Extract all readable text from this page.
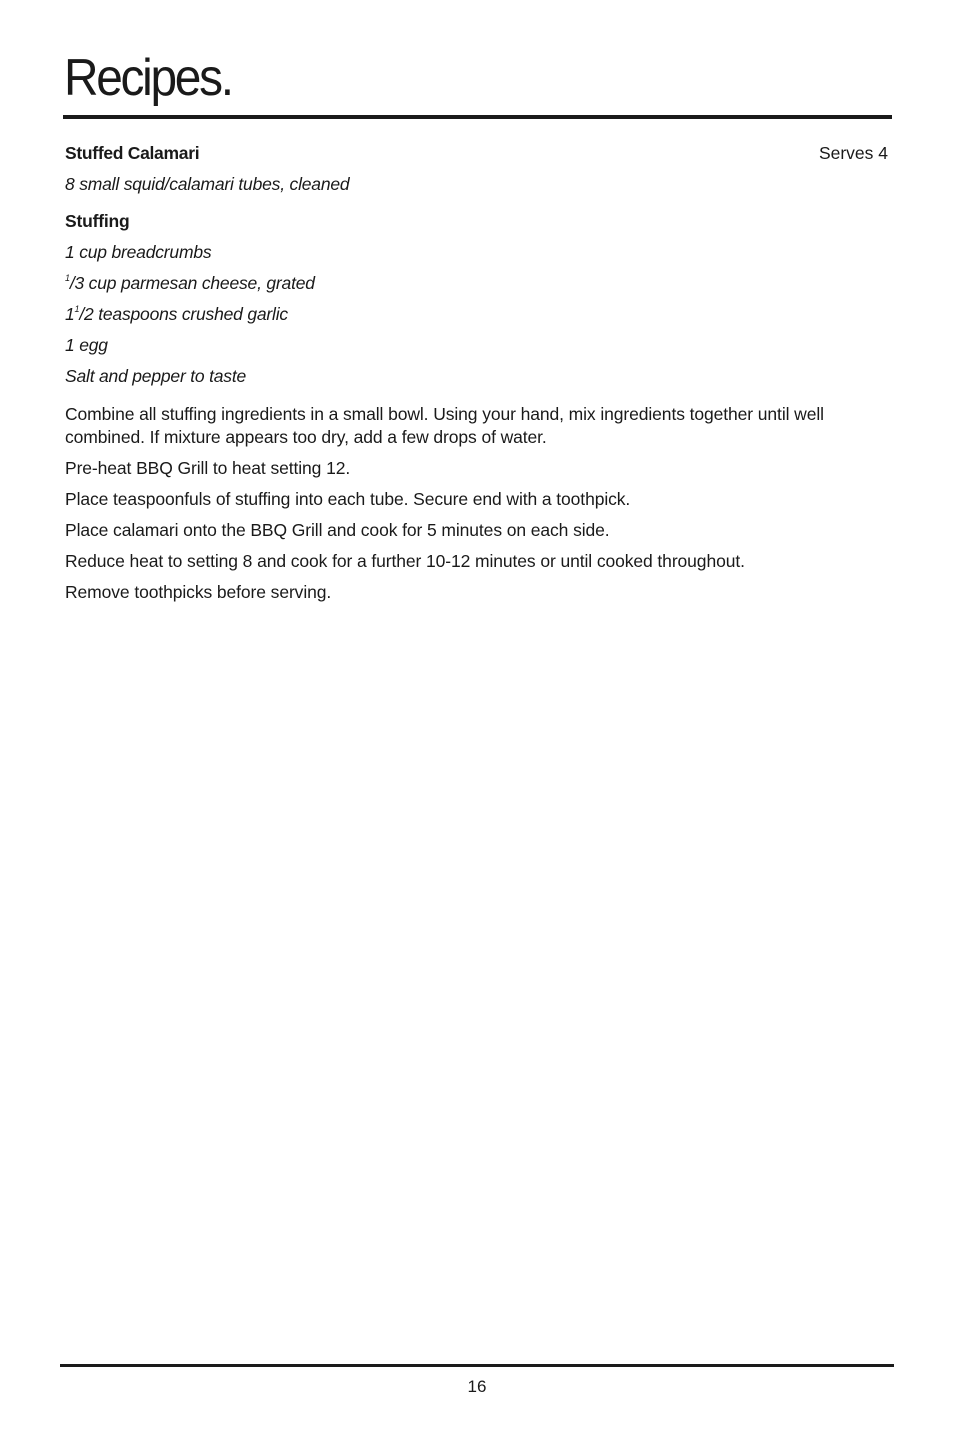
Recipes.
Stuffed Calamari	Serves 4
8 small squid/calamari tubes, cleaned
Stuffing
1 cup breadcrumbs
$^1$/3 cup parmesan cheese, grated
$1^1/2$ teaspoons crushed garlic
1 egg
Salt and pepper to taste

Combine all stuffing ingredients in a small bowl. Using your hand, mix ingredients together until well combined. If mixture appears too dry, add a few drops of water.

Pre-heat BBQ Grill to heat setting 12.

Place teaspoonfuls of stuffing into each tube. Secure end with a toothpick.

Place calamari onto the BBQ Grill and cook for 5 minutes on each side.

Reduce heat to setting 8 and cook for a further 10-12 minutes or until cooked throughout.

Remove toothpicks before serving.

16
